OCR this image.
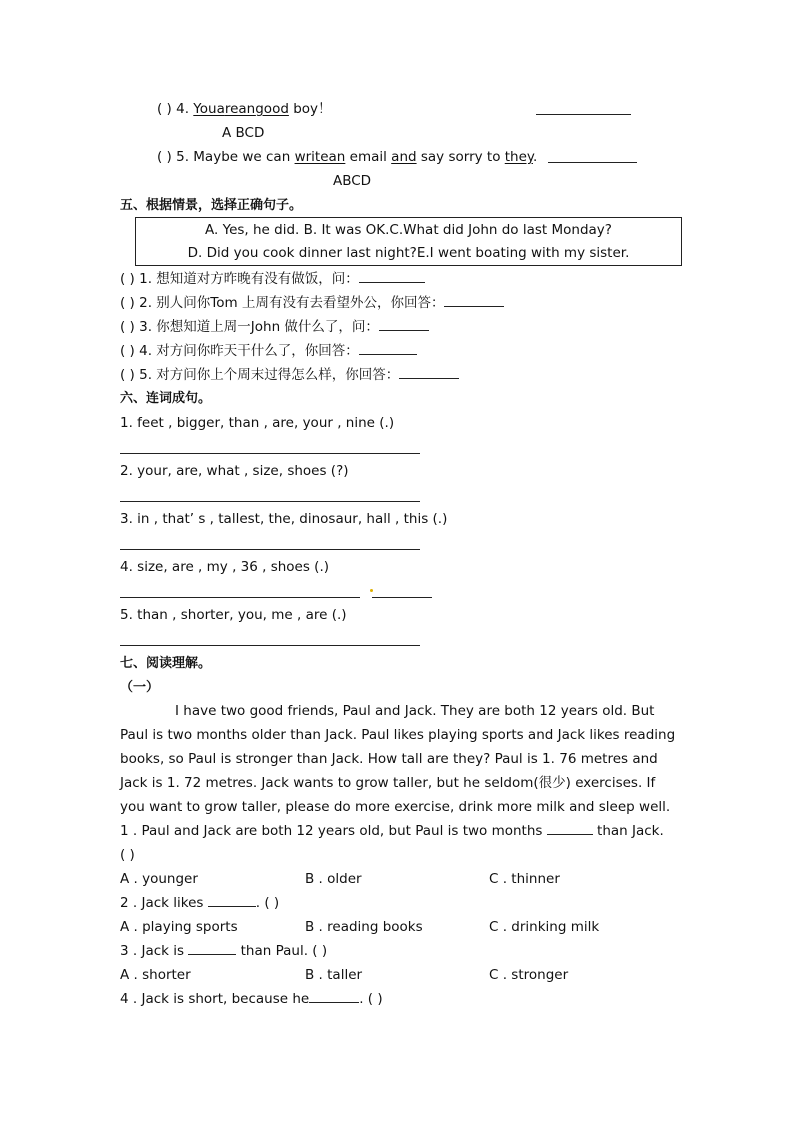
( ) 4. Youareangood boy！
A BCD
( ) 5. Maybe we can writean email and say sorry to they.
ABCD
五、根据情景，选择正确句子。
A. Yes, he did. B. It was OK.C.What did John do last Monday?
D. Did you cook dinner last night?E.I went boating with my sister.
( ) 1. 想知道对方昨晚有没有做饭，问：
( ) 2. 别人问你Tom 上周有没有去看望外公，你回答：
( ) 3. 你想知道上周一John 做什么了，问：
( ) 4. 对方问你昨天干什么了，你回答：
( ) 5. 对方问你上个周末过得怎么样，你回答：
六、连词成句。
1. feet , bigger, than , are, your , nine (.)
2. your, are, what , size, shoes (?)
3. in , that’ s , tallest, the, dinosaur, hall , this (.)
4. size, are , my , 36 , shoes (.)
5. than , shorter, you, me , are (.)
七、阅读理解。
（一）
I have two good friends, Paul and Jack. They are both 12 years old. But
Paul is two months older than Jack. Paul likes playing sports and Jack likes reading
books, so Paul is stronger than Jack. How tall are they? Paul is 1. 76 metres and
Jack is 1. 72 metres. Jack wants to grow taller, but he seldom(很少) exercises. If
you want to grow taller, please do more exercise, drink more milk and sleep well.
1 . Paul and Jack are both 12 years old, but Paul is two months	than Jack.
( )
A . younger	B . older	C . thinner
2 . Jack likes	. ( )
A . playing sports	B . reading books	C . drinking milk
3 . Jack is	than Paul. ( )
A . shorter	B . taller	C . stronger
4 . Jack is short, because he	. ( )
